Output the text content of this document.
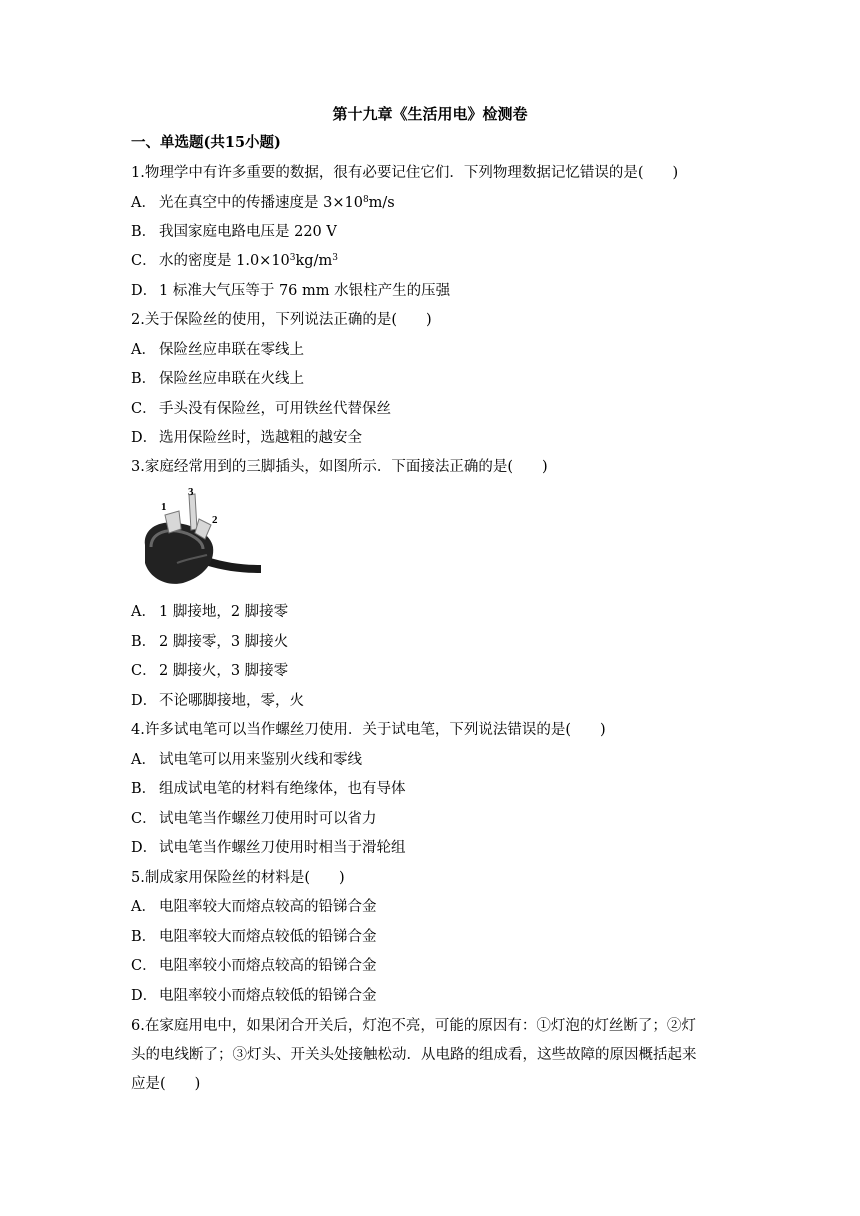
第十九章《生活用电》检测卷
一、单选题(共15小题)
1.物理学中有许多重要的数据，很有必要记住它们．下列物理数据记忆错误的是(　　)
A． 光在真空中的传播速度是 $3\times 10^8m/s$
B． 我国家庭电路电压是 220 V
C． 水的密度是 $1.0\times 10^3kg/m^3$
D． 1 标准大气压等于 76 mm 水银柱产生的压强
2.关于保险丝的使用，下列说法正确的是(　　)
A． 保险丝应串联在零线上
B． 保险丝应串联在火线上
C． 手头没有保险丝，可用铁丝代替保丝
D． 选用保险丝时，选越粗的越安全
3.家庭经常用到的三脚插头，如图所示．下面接法正确的是(　　)
1
3
2
A． 1 脚接地，2 脚接零
B． 2 脚接零，3 脚接火
C． 2 脚接火，3 脚接零
D． 不论哪脚接地，零，火
4.许多试电笔可以当作螺丝刀使用．关于试电笔，下列说法错误的是(　　)
A． 试电笔可以用来鉴别火线和零线
B． 组成试电笔的材料有绝缘体，也有导体
C． 试电笔当作螺丝刀使用时可以省力
D． 试电笔当作螺丝刀使用时相当于滑轮组
5.制成家用保险丝的材料是(　　)
A． 电阻率较大而熔点较高的铅锑合金
B． 电阻率较大而熔点较低的铅锑合金
C． 电阻率较小而熔点较高的铅锑合金
D． 电阻率较小而熔点较低的铅锑合金
6.在家庭用电中，如果闭合开关后，灯泡不亮，可能的原因有：①灯泡的灯丝断了；②灯
头的电线断了；③灯头、开关头处接触松动．从电路的组成看，这些故障的原因概括起来
应是(　　)
